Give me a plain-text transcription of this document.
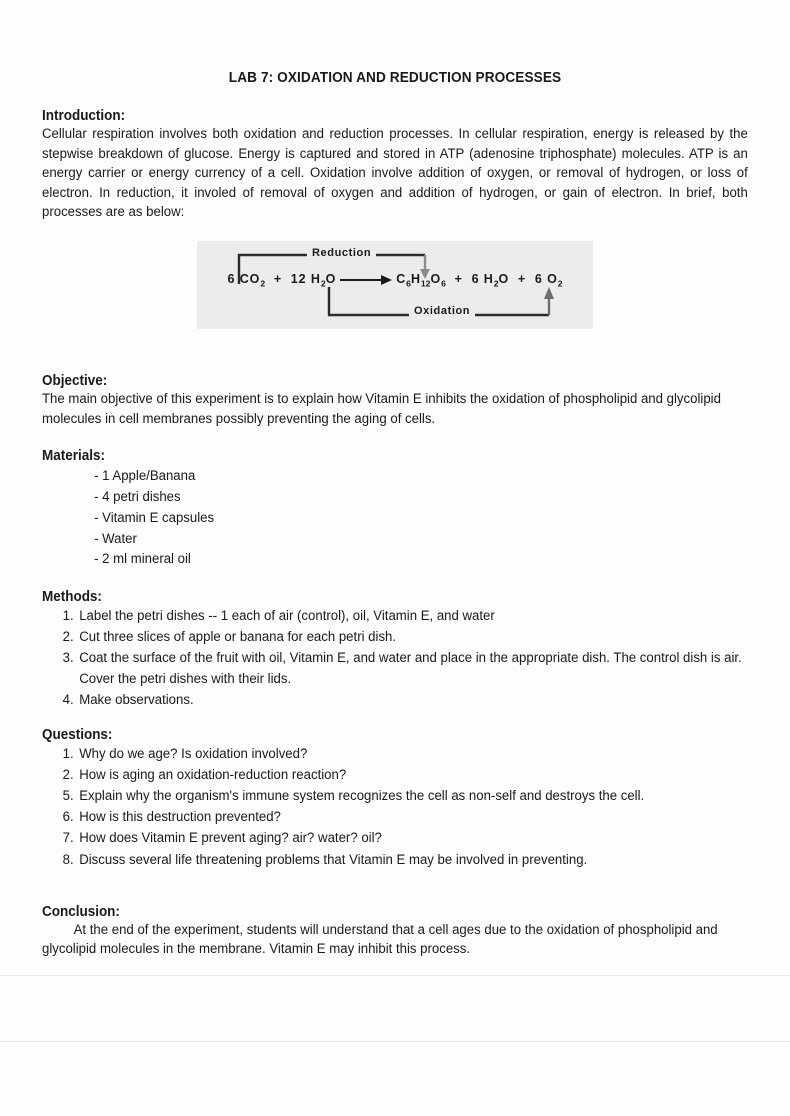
LAB 7: OXIDATION AND REDUCTION PROCESSES
Introduction:

Cellular respiration involves both oxidation and reduction processes. In cellular respiration, energy is released by the stepwise breakdown of glucose. Energy is captured and stored in ATP (adenosine triphosphate) molecules. ATP is an energy carrier or energy currency of a cell. Oxidation involve addition of oxygen, or removal of hydrogen, or loss of electron. In reduction, it involed of removal of oxygen and addition of hydrogen, or gain of electron. In brief, both processes are as below:

Reduction
Oxidation
6 $CO_2 + 12$ $H_2O$	$C_6H_{12}O_6 + 6$ $H_2O + 6$ $O_2$
Objective:

The main objective of this experiment is to explain how Vitamin E inhibits the oxidation of phospholipid and glycolipid molecules in cell membranes possibly preventing the aging of cells.

Materials:
- 1 Apple/Banana
- 4 petri dishes
- Vitamin E capsules
- Water
- 2 ml mineral oil
Methods:
1. Label the petri dishes -- 1 each of air (control), oil, Vitamin E, and water
2. Cut three slices of apple or banana for each petri dish.
3. Coat the surface of the fruit with oil, Vitamin E, and water and place in the appropriate dish. The control dish is air. Cover the petri dishes with their lids.
4. Make observations.
Questions:
1. Why do we age? Is oxidation involved?
2. How is aging an oxidation-reduction reaction?
5. Explain why the organism's immune system recognizes the cell as non-self and destroys the cell.
6. How is this destruction prevented?
7. How does Vitamin E prevent aging? air? water? oil?
8. Discuss several life threatening problems that Vitamin E may be involved in preventing.
Conclusion:

At the end of the experiment, students will understand that a cell ages due to the oxidation of phospholipid and glycolipid molecules in the membrane. Vitamin E may inhibit this process.
